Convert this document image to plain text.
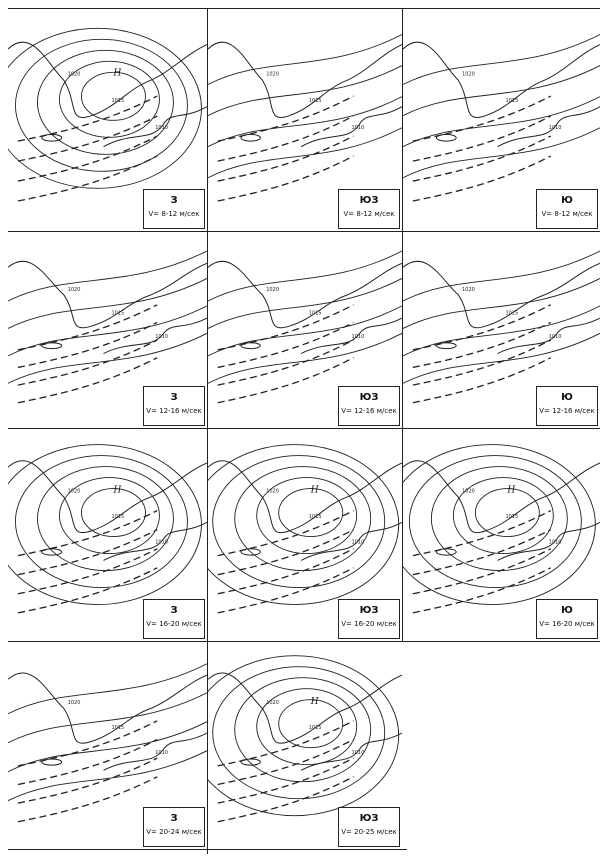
1020
1015
1010
H
З
V= 8-12 м/сек
1020
1015
1010
ЮЗ
V= 8-12 м/сек
1020
1015
1010
Ю
V= 8-12 м/сек
1020
1015
1010
З
V= 12-16 м/сек
1020
1015
1010
ЮЗ
V= 12-16 м/сек
1020
1015
1010
Ю
V= 12-16 м/сек
1020
1015
1010
H
З
V= 16-20 м/сек
1020
1015
1010
H
ЮЗ
V= 16-20 м/сек
1020
1015
1010
H
Ю
V= 16-20 м/сек
1020
1015
1010
З
V= 20-24 м/сек
1020
1015
1010
H
ЮЗ
V= 20-25 м/сек
